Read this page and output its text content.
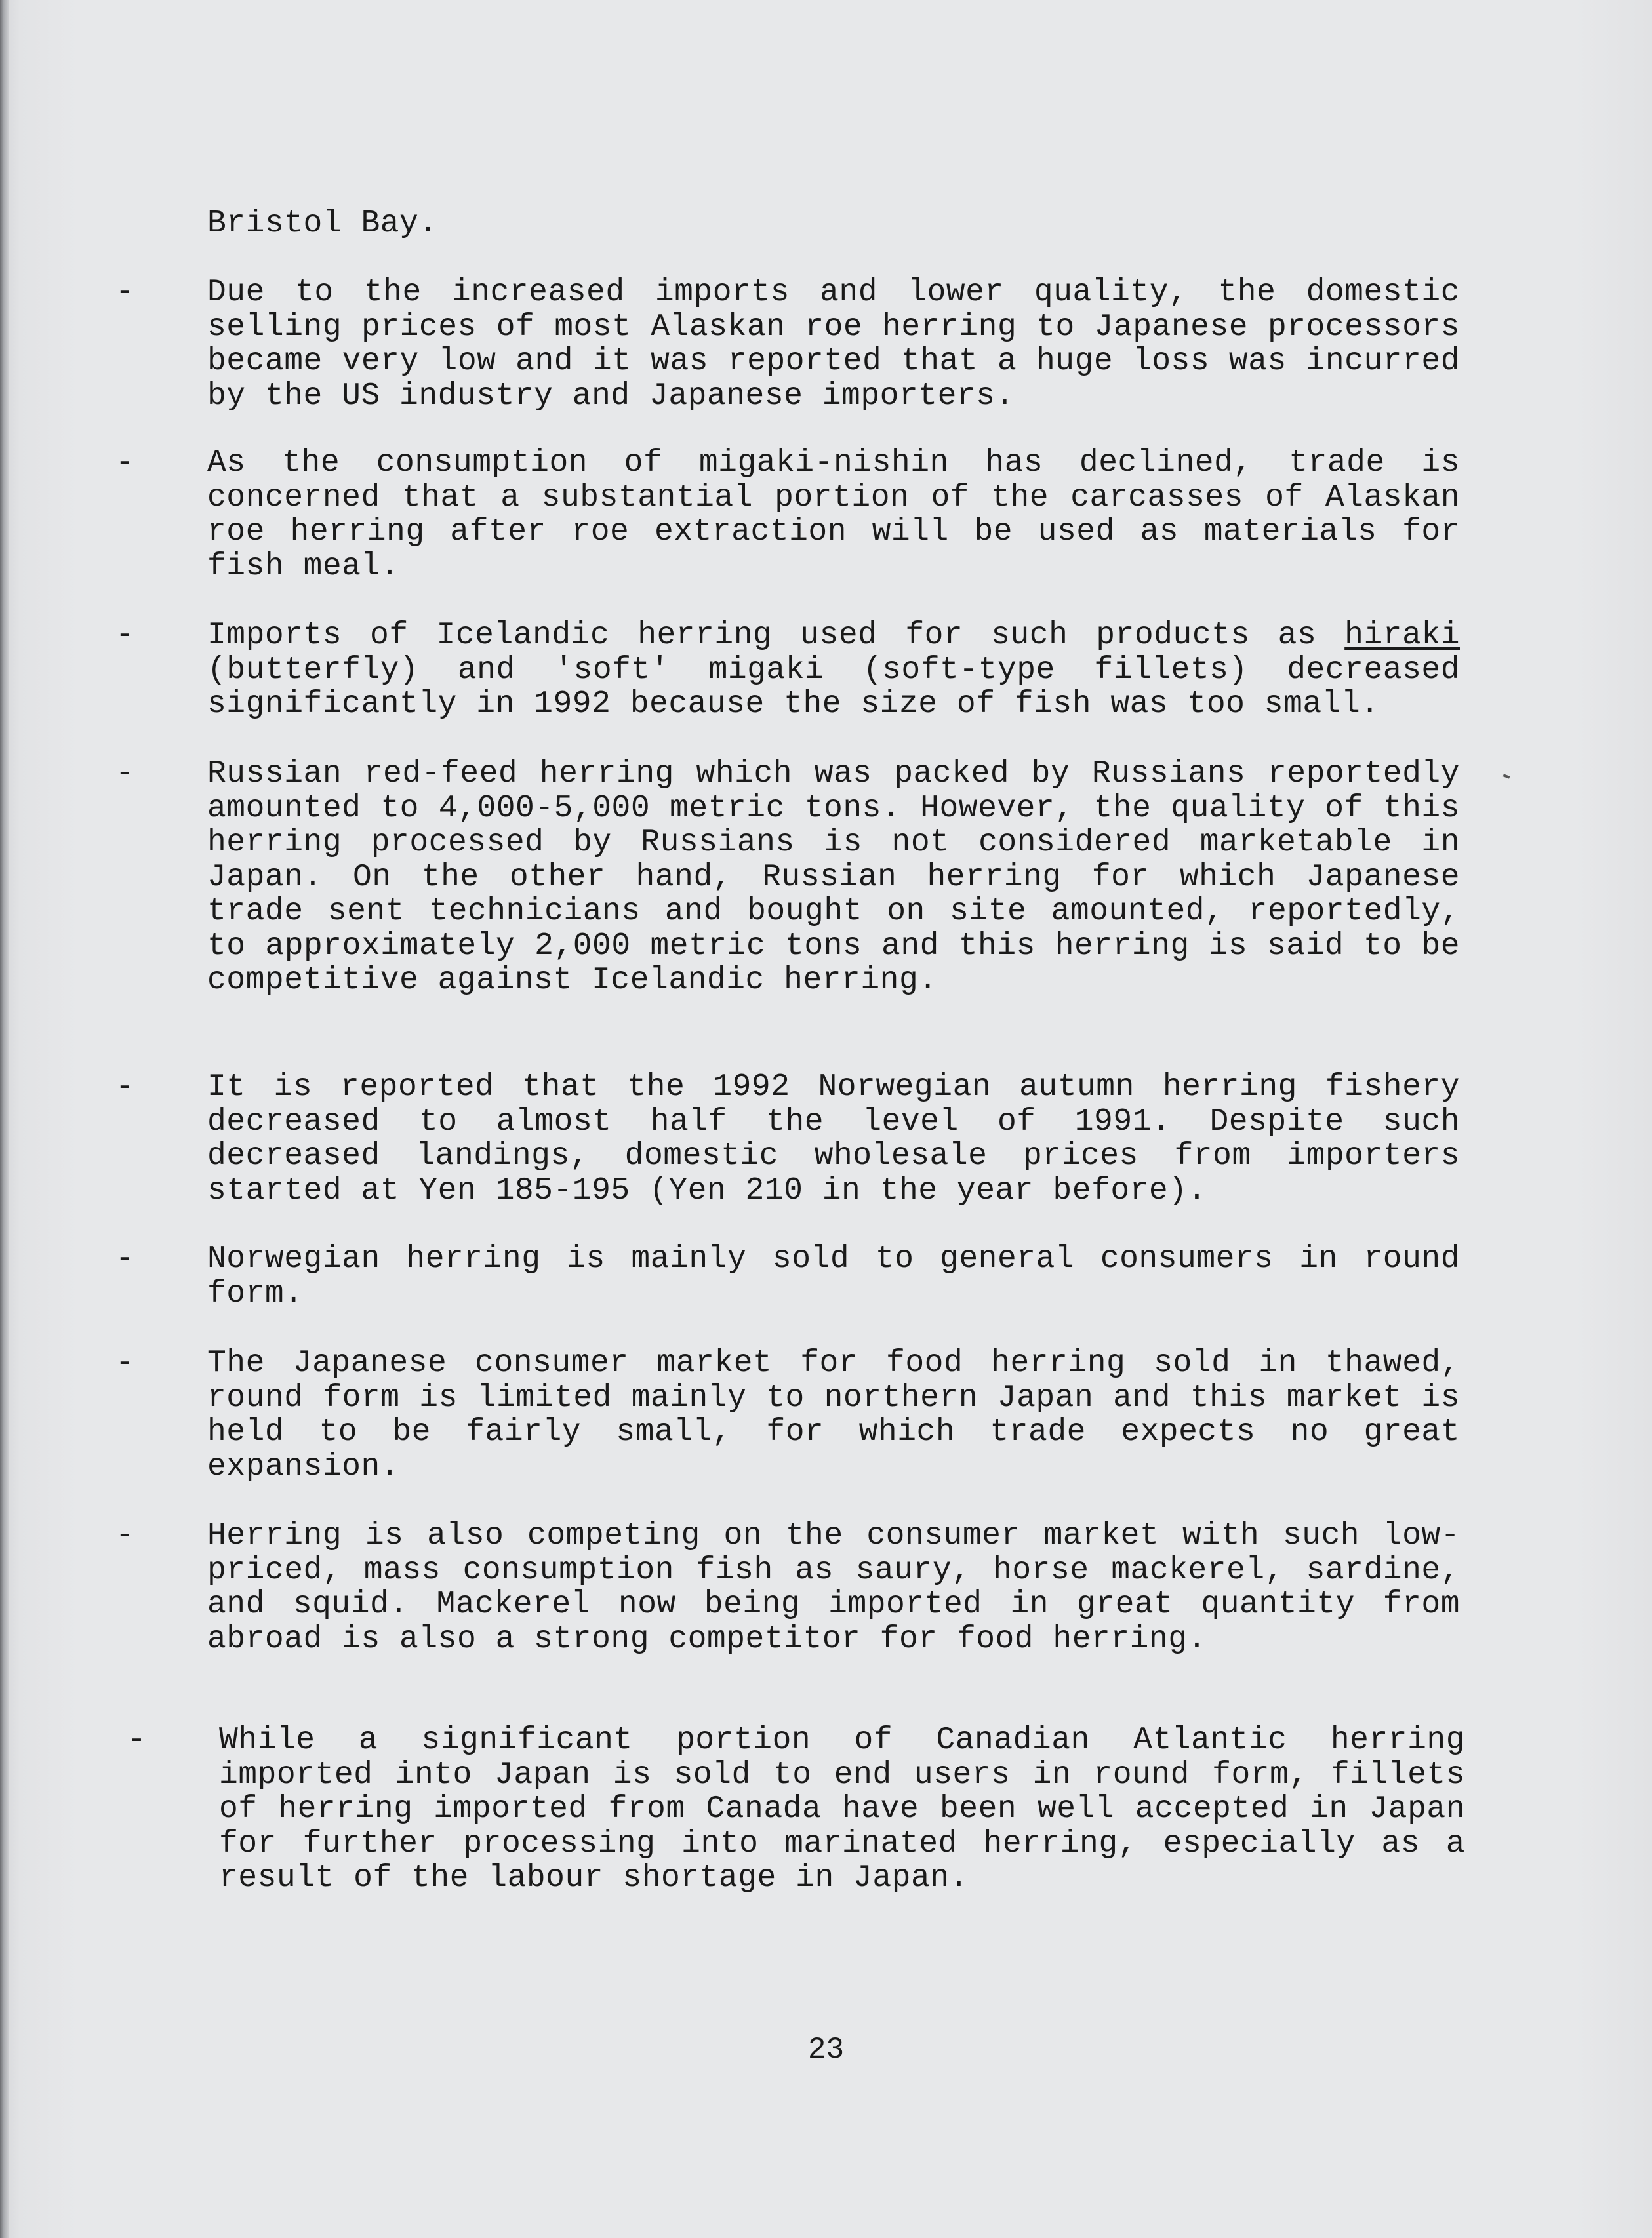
Bristol Bay.
- Due to the increased imports and lower quality, the domestic selling prices of most Alaskan roe herring to Japanese processors became very low and it was reported that a huge loss was incurred by the US industry and Japanese importers.
- As the consumption of migaki-nishin has declined, trade is concerned that a substantial portion of the carcasses of Alaskan roe herring after roe extraction will be used as materials for fish meal.
- Imports of Icelandic herring used for such products as hiraki (butterfly) and 'soft' migaki (soft-type fillets) decreased significantly in 1992 because the size of fish was too small.
- Russian red-feed herring which was packed by Russians reportedly amounted to 4,000-5,000 metric tons. However, the quality of this herring processed by Russians is not considered marketable in Japan. On the other hand, Russian herring for which Japanese trade sent technicians and bought on site amounted, reportedly, to approximately 2,000 metric tons and this herring is said to be competitive against Icelandic herring.
- It is reported that the 1992 Norwegian autumn herring fishery decreased to almost half the level of 1991. Despite such decreased landings, domestic wholesale prices from importers started at Yen 185-195 (Yen 210 in the year before).
- Norwegian herring is mainly sold to general consumers in round form.
- The Japanese consumer market for food herring sold in thawed, round form is limited mainly to northern Japan and this market is held to be fairly small, for which trade expects no great expansion.
- Herring is also competing on the consumer market with such low-priced, mass consumption fish as saury, horse mackerel, sardine, and squid. Mackerel now being imported in great quantity from abroad is also a strong competitor for food herring.
- While a significant portion of Canadian Atlantic herring imported into Japan is sold to end users in round form, fillets of herring imported from Canada have been well accepted in Japan for further processing into marinated herring, especially as a result of the labour shortage in Japan.
23
